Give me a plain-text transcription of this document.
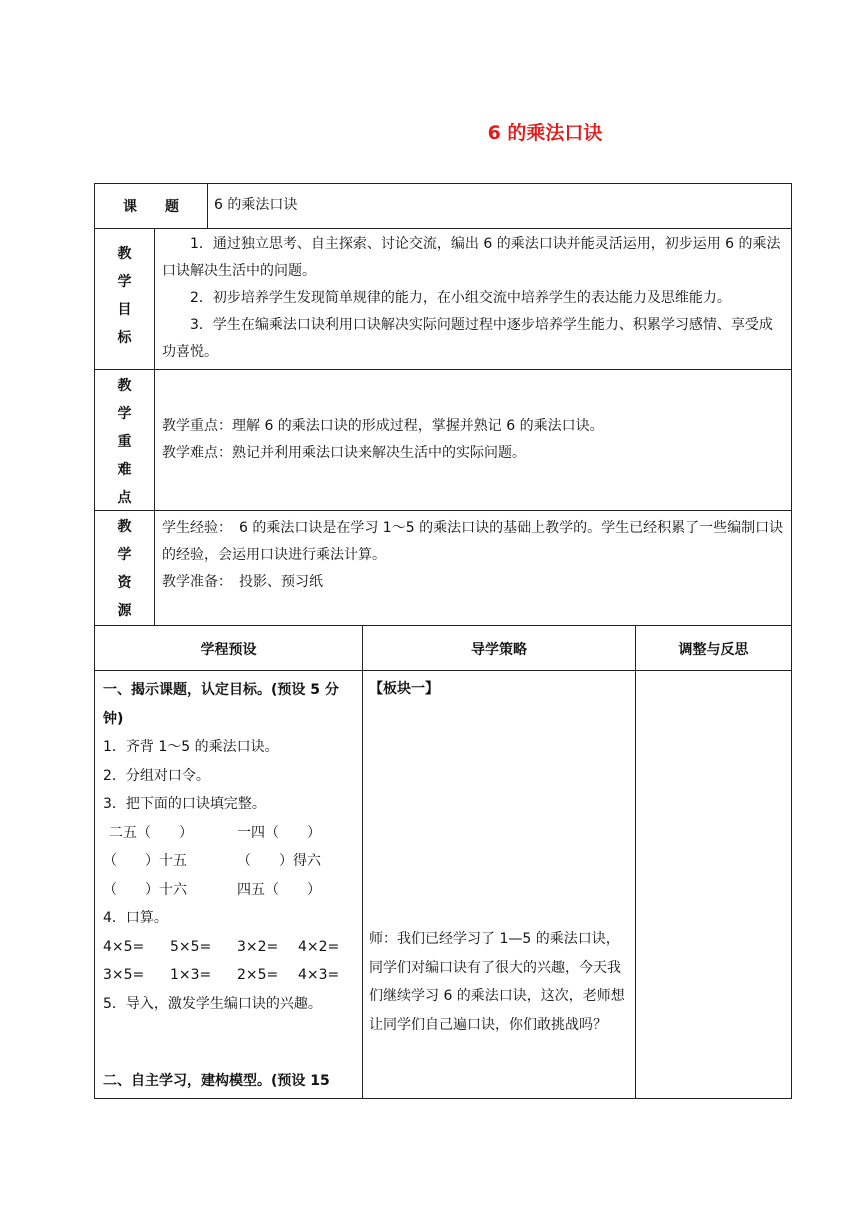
6 的乘法口诀
课　　题	6 的乘法口诀
教
学
目
标

1．通过独立思考、自主探索、讨论交流，编出 6 的乘法口诀并能灵活运用，初步运用 6 的乘法口诀解决生活中的问题。

2．初步培养学生发现简单规律的能力，在小组交流中培养学生的表达能力及思维能力。

3．学生在编乘法口诀利用口诀解决实际问题过程中逐步培养学生能力、积累学习感情、享受成功喜悦。

教
学
重
难
点

教学重点：理解 6 的乘法口诀的形成过程，掌握并熟记 6 的乘法口诀。

教学难点：熟记并利用乘法口诀来解决生活中的实际问题。

教
学
资
源

学生经验：　6 的乘法口诀是在学习 1～5 的乘法口诀的基础上教学的。学生已经积累了一些编制口诀的经验，会运用口诀进行乘法计算。

教学准备：　投影、预习纸

学程预设	导学策略	调整与反思

一、揭示课题，认定目标。(预设 5 分钟)

1．齐背 1～5 的乘法口诀。

2．分组对口令。

3．把下面的口诀填完整。

二五（　　）	一四（　　）
（　　）十五	（　　）得六
（　　）十六	四五（　　）

4．口算。

4×5=	5×5=	3×2=	4×2=
3×5=	1×3=	2×5=	4×3=

5．导入，激发学生编口诀的兴趣。

二、自主学习，建构模型。(预设 15
【板块一】
师：我们已经学习了 1—5 的乘法口诀，同学们对编口诀有了很大的兴趣，今天我们继续学习 6 的乘法口诀，这次，老师想让同学们自己遍口诀，你们敢挑战吗？
